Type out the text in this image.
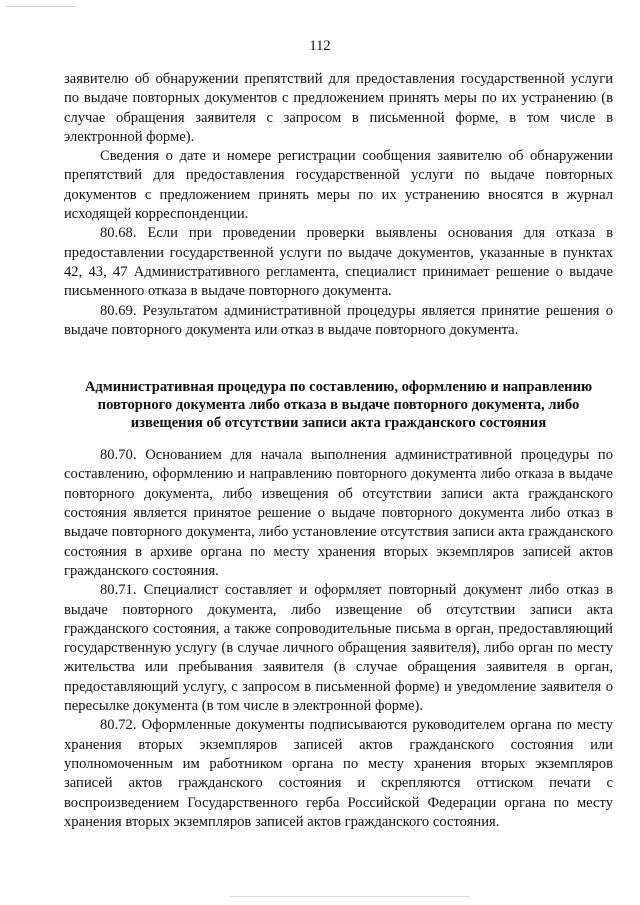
112

заявителю об обнаружении препятствий для предоставления государственной услуги по выдаче повторных документов с предложением принять меры по их устранению (в случае обращения заявителя с запросом в письменной форме, в том числе в электронной форме).

Сведения о дате и номере регистрации сообщения заявителю об обнаружении препятствий для предоставления государственной услуги по выдаче повторных документов с предложением принять меры по их устранению вносятся в журнал исходящей корреспонденции.

80.68. Если при проведении проверки выявлены основания для отказа в предоставлении государственной услуги по выдаче документов, указанные в пунктах 42, 43, 47 Административного регламента, специалист принимает решение о выдаче письменного отказа в выдаче повторного документа.

80.69. Результатом административной процедуры является принятие решения о выдаче повторного документа или отказ в выдаче повторного документа.

Административная процедура по составлению, оформлению и направлению
повторного документа либо отказа в выдаче повторного документа, либо
извещения об отсутствии записи акта гражданского состояния

80.70. Основанием для начала выполнения административной процедуры по составлению, оформлению и направлению повторного документа либо отказа в выдаче повторного документа, либо извещения об отсутствии записи акта гражданского состояния является принятое решение о выдаче повторного документа либо отказ в выдаче повторного документа, либо установление отсутствия записи акта гражданского состояния в архиве органа по месту хранения вторых экземпляров записей актов гражданского состояния.

80.71. Специалист составляет и оформляет повторный документ либо отказ в выдаче повторного документа, либо извещение об отсутствии записи акта гражданского состояния, а также сопроводительные письма в орган, предоставляющий государственную услугу (в случае личного обращения заявителя), либо орган по месту жительства или пребывания заявителя (в случае обращения заявителя в орган, предоставляющий услугу, с запросом в письменной форме) и уведомление заявителя о пересылке документа (в том числе в электронной форме).

80.72. Оформленные документы подписываются руководителем органа по месту хранения вторых экземпляров записей актов гражданского состояния или уполномоченным им работником органа по месту хранения вторых экземпляров записей актов гражданского состояния и скрепляются оттиском печати с воспроизведением Государственного герба Российской Федерации органа по месту хранения вторых экземпляров записей актов гражданского состояния.
